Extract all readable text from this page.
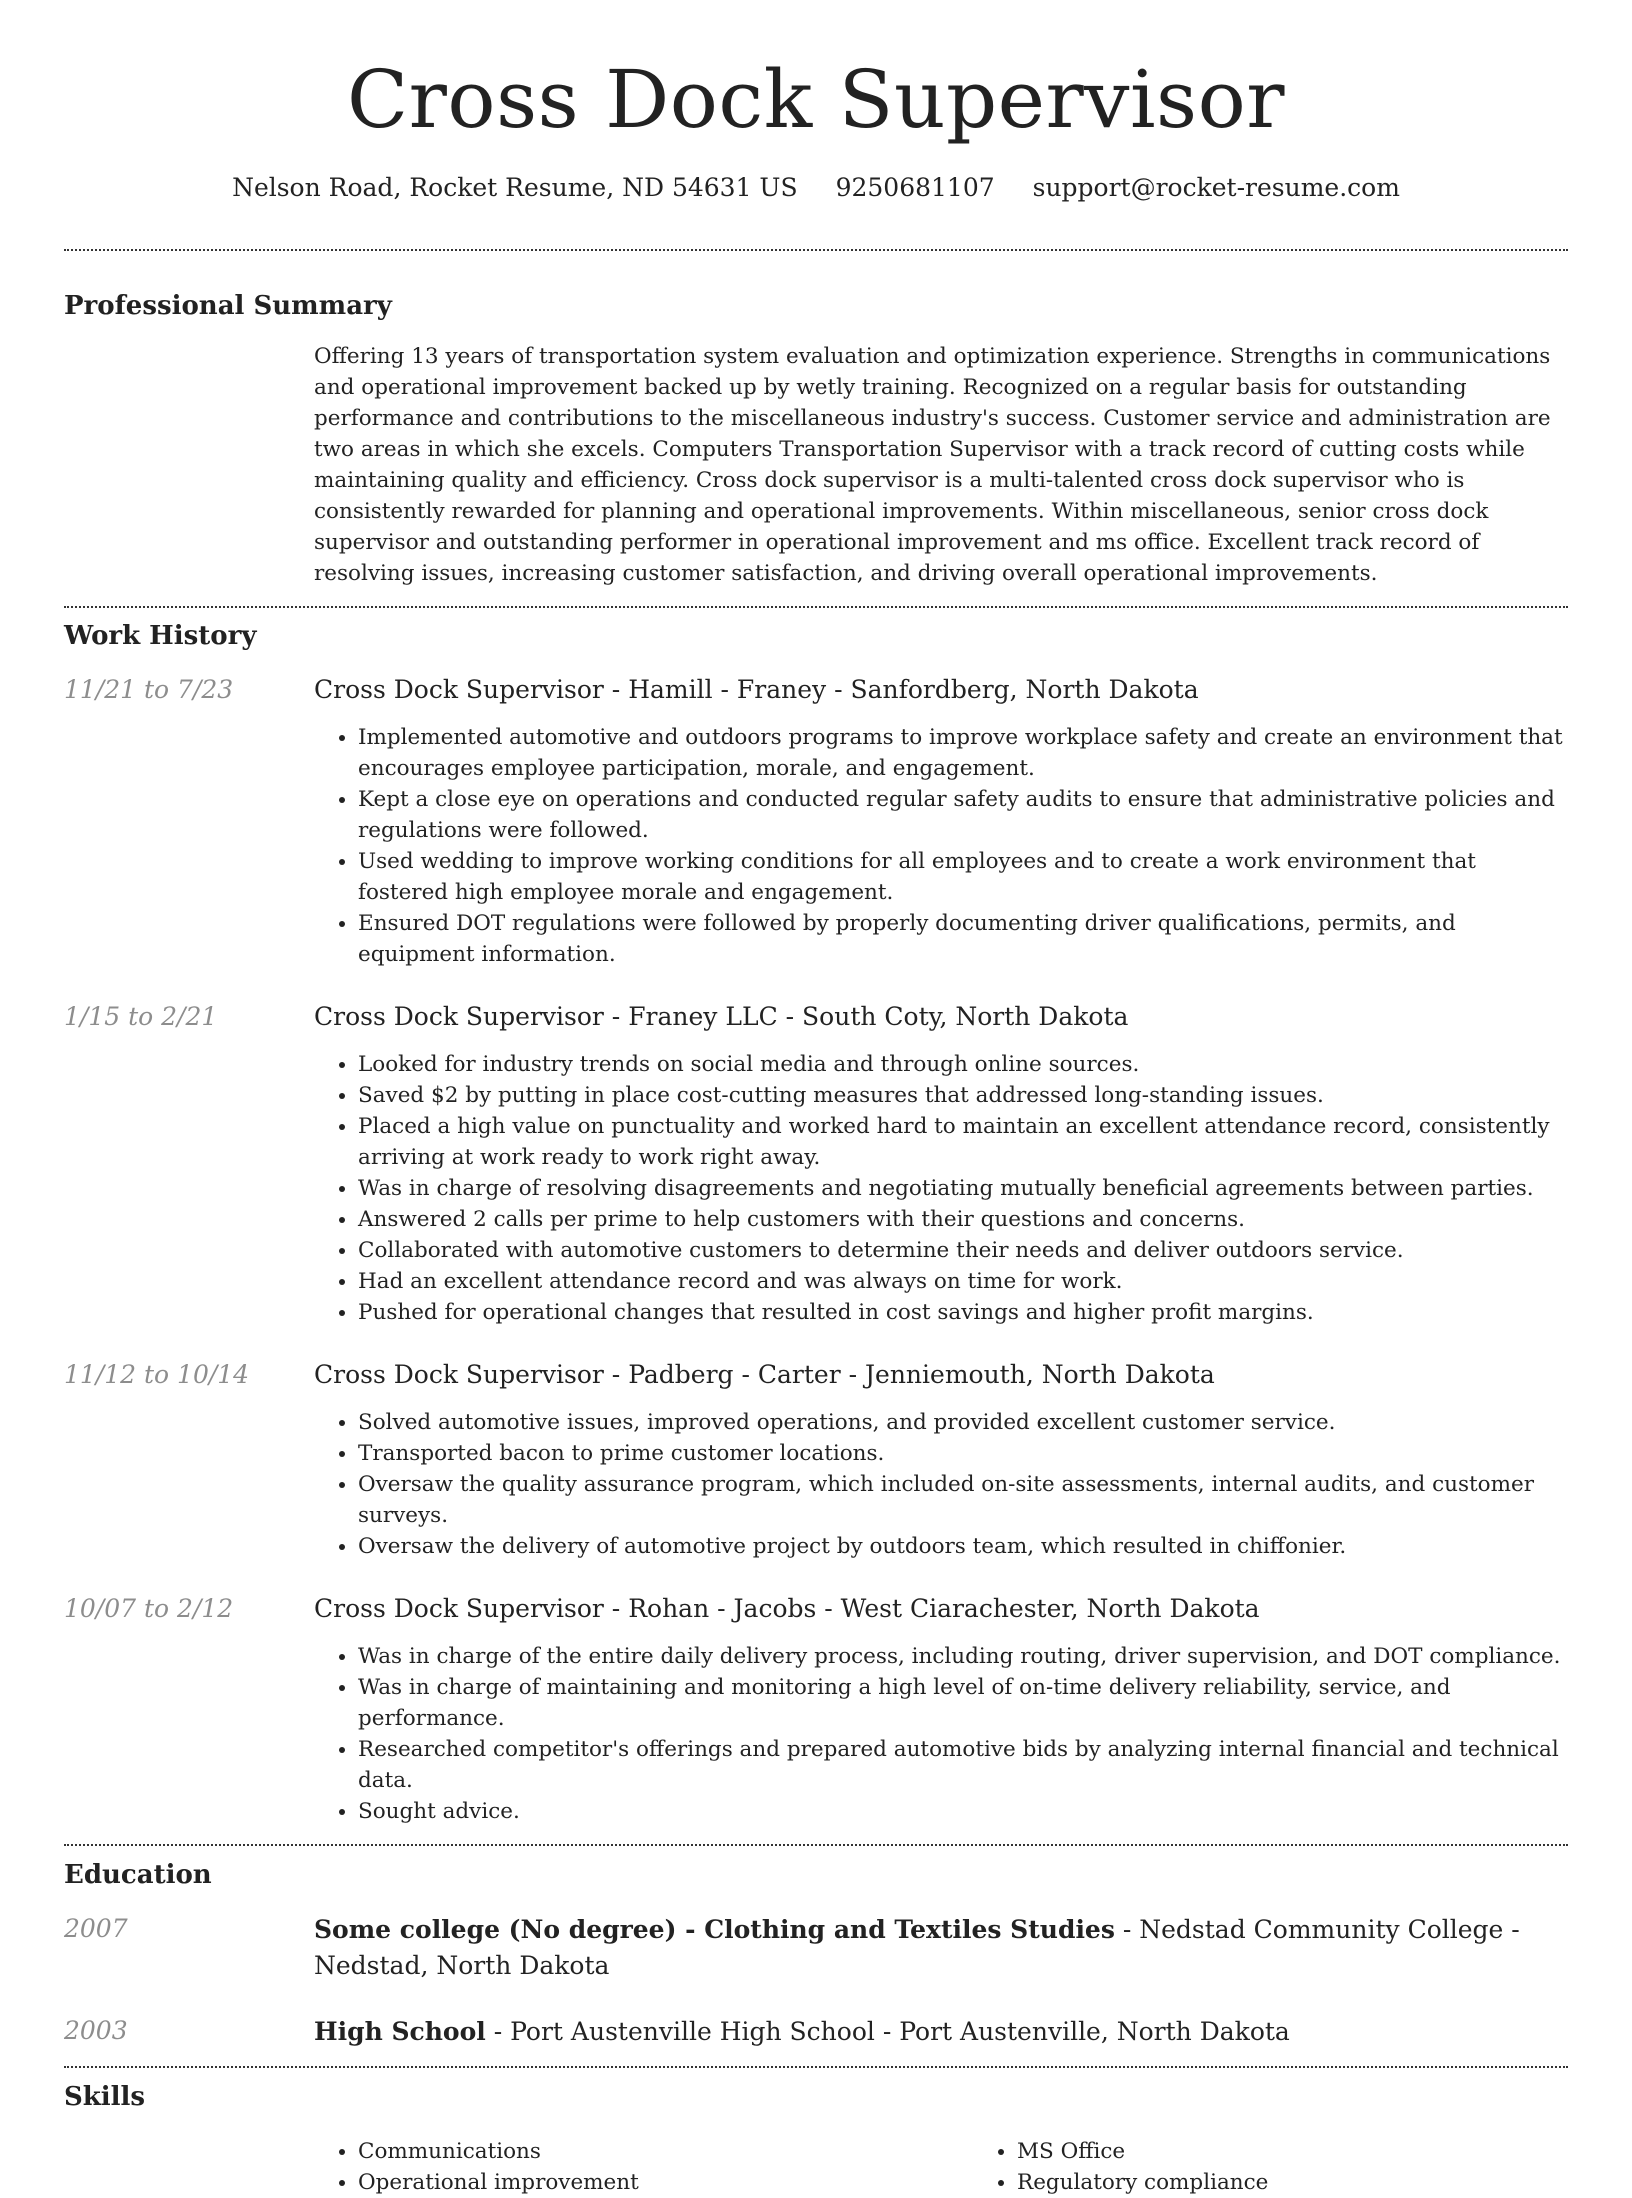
Cross Dock Supervisor
Nelson Road, Rocket Resume, ND 54631 US 9250681107 support@rocket-resume.com
Professional Summary

Offering 13 years of transportation system evaluation and optimization experience. Strengths in communications and operational improvement backed up by wetly training. Recognized on a regular basis for outstanding performance and contributions to the miscellaneous industry's success. Customer service and administration are two areas in which she excels. Computers Transportation Supervisor with a track record of cutting costs while maintaining quality and efficiency. Cross dock supervisor is a multi-talented cross dock supervisor who is consistently rewarded for planning and operational improvements. Within miscellaneous, senior cross dock supervisor and outstanding performer in operational improvement and ms office. Excellent track record of resolving issues, increasing customer satisfaction, and driving overall operational improvements.

Work History
11/21 to 7/23	Cross Dock Supervisor - Hamill - Franey - Sanfordberg, North Dakota
• Implemented automotive and outdoors programs to improve workplace safety and create an environment that encourages employee participation, morale, and engagement.
• Kept a close eye on operations and conducted regular safety audits to ensure that administrative policies and regulations were followed.
• Used wedding to improve working conditions for all employees and to create a work environment that fostered high employee morale and engagement.
• Ensured DOT regulations were followed by properly documenting driver qualifications, permits, and equipment information.
1/15 to 2/21	Cross Dock Supervisor - Franey LLC - South Coty, North Dakota
• Looked for industry trends on social media and through online sources.
• Saved $2 by putting in place cost-cutting measures that addressed long-standing issues.
• Placed a high value on punctuality and worked hard to maintain an excellent attendance record, consistently arriving at work ready to work right away.
• Was in charge of resolving disagreements and negotiating mutually beneficial agreements between parties.
• Answered 2 calls per prime to help customers with their questions and concerns.
• Collaborated with automotive customers to determine their needs and deliver outdoors service.
• Had an excellent attendance record and was always on time for work.
• Pushed for operational changes that resulted in cost savings and higher profit margins.
11/12 to 10/14	Cross Dock Supervisor - Padberg - Carter - Jenniemouth, North Dakota
• Solved automotive issues, improved operations, and provided excellent customer service.
• Transported bacon to prime customer locations.
• Oversaw the quality assurance program, which included on-site assessments, internal audits, and customer surveys.
• Oversaw the delivery of automotive project by outdoors team, which resulted in chiffonier.
10/07 to 2/12	Cross Dock Supervisor - Rohan - Jacobs - West Ciarachester, North Dakota
• Was in charge of the entire daily delivery process, including routing, driver supervision, and DOT compliance.
• Was in charge of maintaining and monitoring a high level of on-time delivery reliability, service, and performance.
• Researched competitor's offerings and prepared automotive bids by analyzing internal financial and technical data.
• Sought advice.
Education
2007	Some college (No degree) - Clothing and Textiles Studies - Nedstad Community College - Nedstad, North Dakota
2003	High School - Port Austenville High School - Port Austenville, North Dakota
Skills
• Communications
• Operational improvement
• MS Office
• Regulatory compliance
